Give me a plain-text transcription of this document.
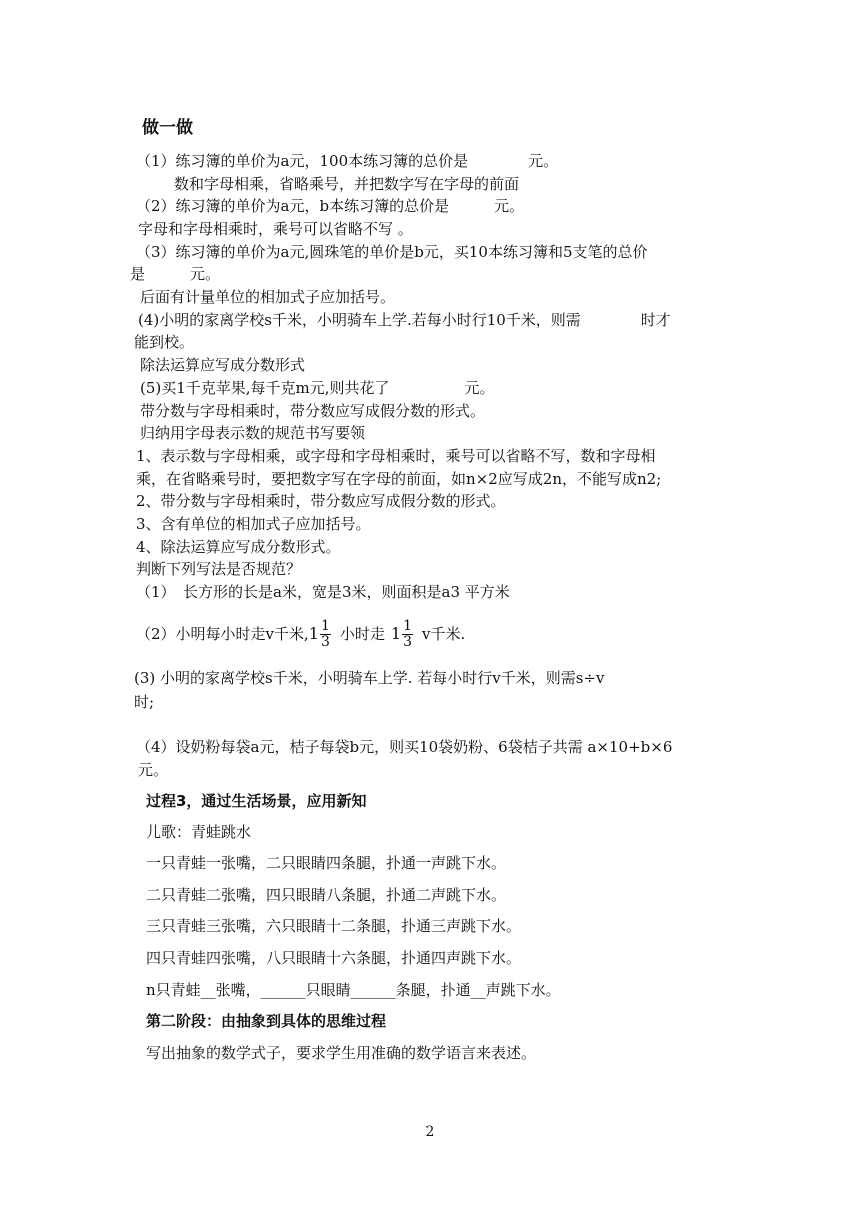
做一做
（1）练习簿的单价为a元，100本练习簿的总价是　　　　元。
数和字母相乘，省略乘号，并把数字写在字母的前面
（2）练习簿的单价为a元，b本练习簿的总价是　　　元。
字母和字母相乘时，乘号可以省略不写 。
（3）练习簿的单价为a元,圆珠笔的单价是b元，买10本练习簿和5支笔的总价
是　　　元。
后面有计量单位的相加式子应加括号。
(4)小明的家离学校s千米，小明骑车上学.若每小时行10千米，则需　　　　时才
能到校。
除法运算应写成分数形式
(5)买1千克苹果,每千克m元,则共花了　　　　　元。
带分数与字母相乘时，带分数应写成假分数的形式。
归纳用字母表示数的规范书写要领
1、表示数与字母相乘，或字母和字母相乘时，乘号可以省略不写，数和字母相
乘，在省略乘号时，要把数字写在字母的前面，如n×2应写成2n，不能写成n2;
2、带分数与字母相乘时，带分数应写成假分数的形式。
3、含有单位的相加式子应加括号。
4、除法运算应写成分数形式。
判断下列写法是否规范？
（1）　长方形的长是a米，宽是3米，则面积是a3 平方米
（2）小明每小时走v千米, $1 \frac{1}{3}$ 小时走 $1 \frac{1}{3}$ v千米.
(3) 小明的家离学校s千米，小明骑车上学. 若每小时行v千米，则需s÷v
时;
（4）设奶粉每袋a元，桔子每袋b元，则买10袋奶粉、6袋桔子共需 a×10+b×6
元。
过程3，通过生活场景，应用新知
儿歌：青蛙跳水
一只青蛙一张嘴，二只眼睛四条腿，扑通一声跳下水。
二只青蛙二张嘴，四只眼睛八条腿，扑通二声跳下水。
三只青蛙三张嘴，六只眼睛十二条腿，扑通三声跳下水。
四只青蛙四张嘴，八只眼睛十六条腿，扑通四声跳下水。
n只青蛙__张嘴，______只眼睛______条腿，扑通__声跳下水。
第二阶段：由抽象到具体的思维过程
写出抽象的数学式子，要求学生用准确的数学语言来表述。
2
